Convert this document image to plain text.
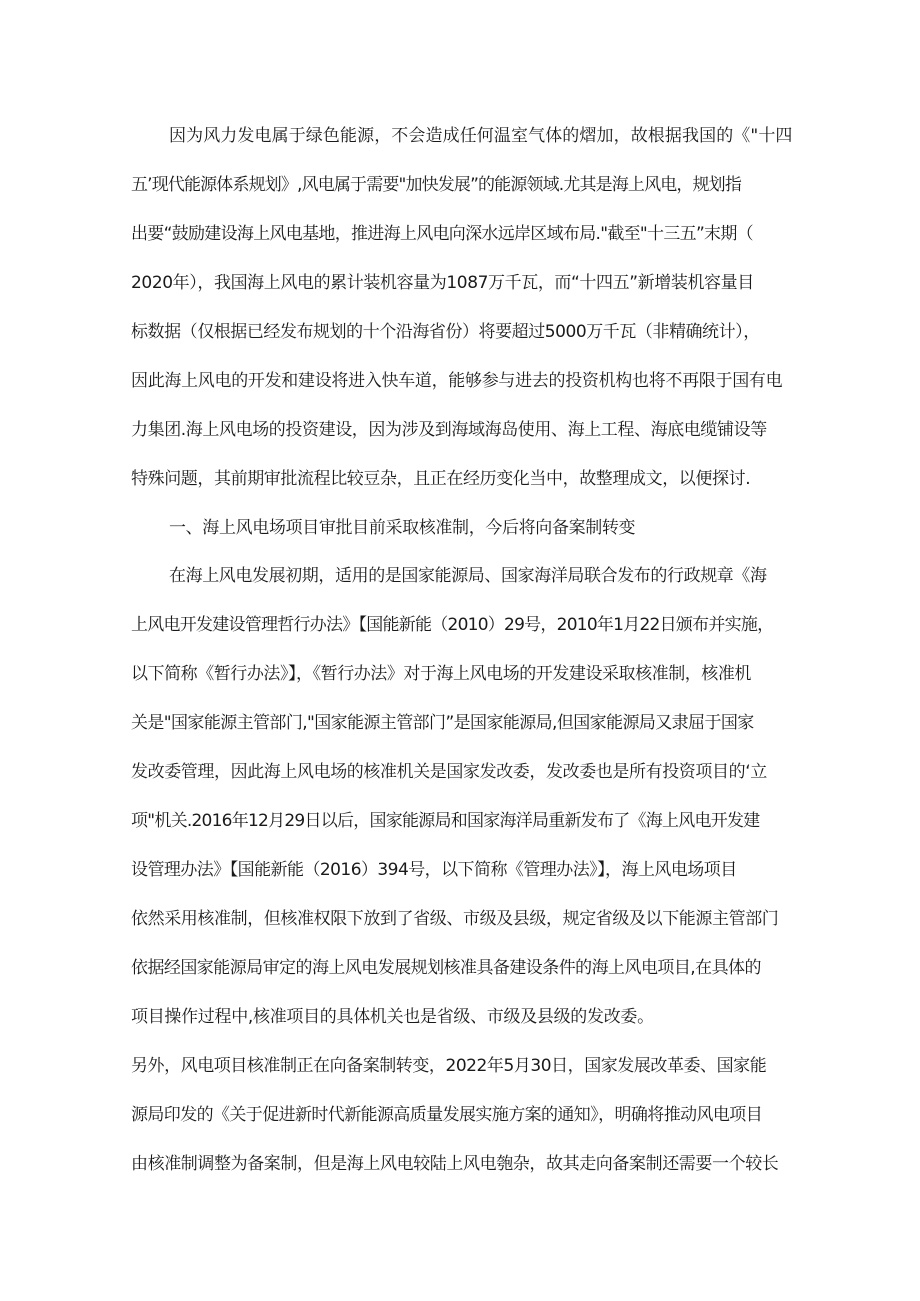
因为风力发电属于绿色能源，不会造成任何温室气体的熠加，故根据我国的《"十四
五’现代能源体系规划》,风电属于需要"加快发展”的能源领域.尤其是海上风电，规划指
出要“鼓励建设海上风电基地，推进海上风电向深水远岸区域布局."截至"十三五”末期（
2020年），我国海上风电的累计装机容量为1087万千瓦，而“十四五”新增装机容量目
标数据（仅根据已经发布规划的十个沿海省份）将要超过5000万千瓦（非精确统计），
因此海上风电的开发和建设将进入快车道，能够参与进去的投资机构也将不再限于国有电
力集团.海上风电场的投资建设，因为涉及到海域海岛使用、海上工程、海底电缆铺设等
特殊问题，其前期审批流程比较豆杂，且正在经历变化当中，故整理成文，以便探讨.
一、海上风电场项目审批目前采取核准制，今后将向备案制转变
在海上风电发展初期，适用的是国家能源局、国家海洋局联合发布的行政规章《海
上风电开发建设管理哲行办法》【国能新能（2010）29号，2010年1月22日颁布并实施，
以下简称《暂行办法》】，《暂行办法》对于海上风电场的开发建设采取核准制，核准机
关是"国家能源主管部门,"国家能源主管部门”是国家能源局,但国家能源局又隶屈于国家
发改委管理，因此海上风电场的核准机关是国家发改委，发改委也是所有投资项目的‘立
项"机关.2016年12月29日以后，国家能源局和国家海洋局重新发布了《海上风电开发建
设管理办法》【国能新能（2016）394号，以下简称《管理办法》】，海上风电场项目
依然采用核准制，但核准权限下放到了省级、市级及县级，规定省级及以下能源主管部门
依据经国家能源局审定的海上风电发展规划核准具备建设条件的海上风电项目,在具体的
项目操作过程中,核准项目的具体机关也是省级、市级及县级的发改委。
另外，风电项目核准制正在向备案制转变，2022年5月30日，国家发展改革委、国家能
源局印发的《关于促进新时代新能源高质量发展实施方案的通知》，明确将推动风电项目
由核准制调整为备案制，但是海上风电较陆上风电匏杂，故其走向备案制还需要一个较长
